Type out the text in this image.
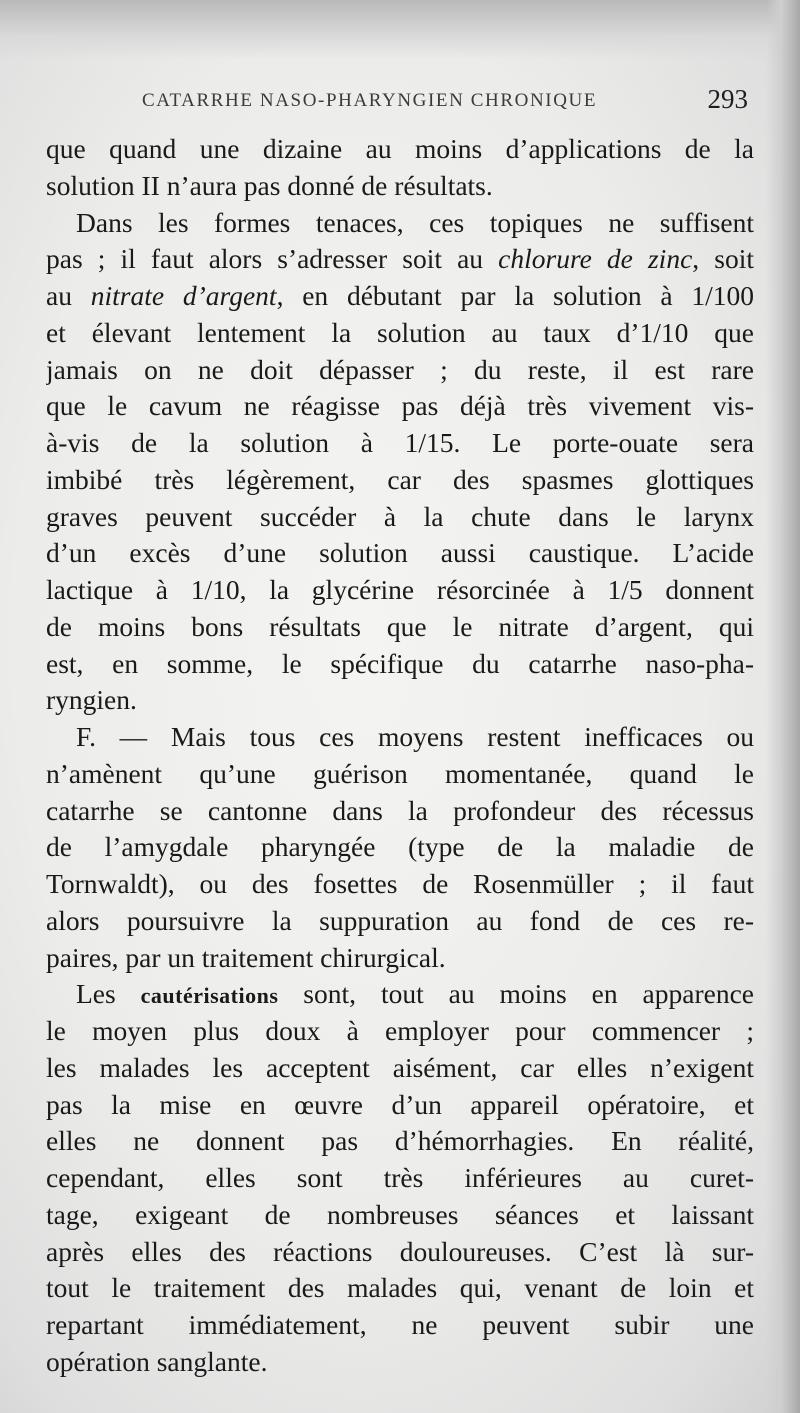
CATARRHE NASO-PHARYNGIEN CHRONIQUE	293
que quand une dizaine au moins d’applications de la
solution II n’aura pas donné de résultats.
Dans les formes tenaces, ces topiques ne suffisent
pas ; il faut alors s’adresser soit au chlorure de zinc, soit
au nitrate d’argent, en débutant par la solution à 1/100
et élevant lentement la solution au taux d’1/10 que
jamais on ne doit dépasser ; du reste, il est rare
que le cavum ne réagisse pas déjà très vivement vis-
à-vis de la solution à 1/15. Le porte-ouate sera
imbibé très légèrement, car des spasmes glottiques
graves peuvent succéder à la chute dans le larynx
d’un excès d’une solution aussi caustique. L’acide
lactique à 1/10, la glycérine résorcinée à 1/5 donnent
de moins bons résultats que le nitrate d’argent, qui
est, en somme, le spécifique du catarrhe naso-pha-
ryngien.
F. — Mais tous ces moyens restent inefficaces ou
n’amènent qu’une guérison momentanée, quand le
catarrhe se cantonne dans la profondeur des récessus
de l’amygdale pharyngée (type de la maladie de
Tornwaldt), ou des fosettes de Rosenmüller ; il faut
alors poursuivre la suppuration au fond de ces re-
paires, par un traitement chirurgical.
Les cautérisations sont, tout au moins en apparence
le moyen plus doux à employer pour commencer ;
les malades les acceptent aisément, car elles n’exigent
pas la mise en œuvre d’un appareil opératoire, et
elles ne donnent pas d’hémorrhagies. En réalité,
cependant, elles sont très inférieures au curet-
tage, exigeant de nombreuses séances et laissant
après elles des réactions douloureuses. C’est là sur-
tout le traitement des malades qui, venant de loin et
repartant immédiatement, ne peuvent subir une
opération sanglante.
